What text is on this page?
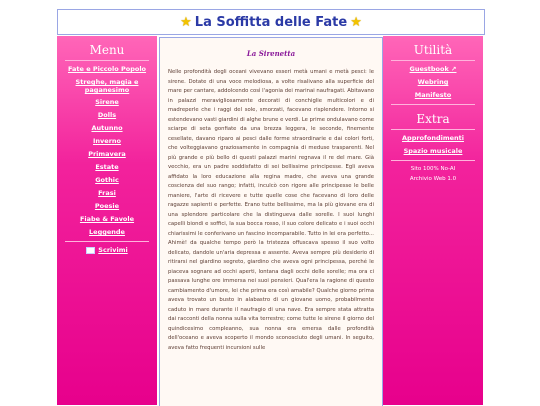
★ La Soffitta delle Fate ★
Menu
Fate e Piccolo Popolo
Streghe, magia e paganesimo
Sirene
Dolls
Autunno
Inverno
Primavera
Estate
Gothic
Frasi
Poesie
Fiabe & Favole
Leggende
Scrivimi
La Sirenetta
Nelle profondità degli oceani vivevano esseri metà umani e metà pesci: le sirene. Dotate di una voce melodiosa, a volte risalivano alla superficie del mare per cantare, addolcendo così l'agonia dei marinai naufragati. Abitavano in palazzi meravigliosamente decorati di conchiglie multicolori e di madreperle che i raggi del sole, smorzati, facevano risplendere. Intorno si estendevano vasti giardini di alghe brune e verdi. Le prime ondulavano come sciarpe di seta gonfiate da una brezza leggera, le seconde, finemente cesellate, davano riparo ai pesci dalle forme straordinarie e dai colori forti, che volteggiavano graziosamente in compagnia di meduse trasparenti. Nel più grande e più bello di questi palazzi marini regnava il re del mare. Già vecchio, era un padre soddisfatto di sei bellissime principesse. Egli aveva affidato la loro educazione alla regina madre, che aveva una grande coscienza del suo rango; infatti, inculcò con rigore alle principesse le belle maniere, l'arte di ricevere e tutte quelle cose che facevano di loro delle ragazze sapienti e perfette. Erano tutte bellissime, ma la più giovane era di una splendore particolare che la distingueva dalle sorelle. I suoi lunghi capelli biondi e soffici, la sua bocca rosso, il suo colore delicato e i suoi occhi chiarissimi le conferivano un fascino incomparabile. Tutto in lei era perfetto... Ahimè! da qualche tempo però la tristezza offuscava spesso il suo volto delicato, dandole un'aria depressa e assente. Aveva sempre più desiderio di ritirarsi nel giardino segreto, giardino che aveva ogni principessa, perché le piaceva sognare ad occhi aperti, lontana dagli occhi delle sorelle; ma ora ci passava lunghe ore immersa nei suoi pensieri. Qual'era la ragione di questo cambiamento d'umore, lei che prima era così amabile? Qualche giorno prima aveva trovato un busto in alabastro di un giovane uomo, probabilmente caduto in mare durante il naufragio di una nave. Era sempre stata attratta dai racconti della nonna sulla vita terrestre; come tutte le sirene il giorno del quindicesimo compleanno, sua nonna era emersa dalle profondità dell'oceano e aveva scoperto il mondo sconosciuto degli umani. In seguito, aveva fatto frequenti incursioni sulle
Utilità
Guestbook ↗
Webring
Manifesto
Extra
Approfondimenti
Spazio musicale
Sito 100% No-AI
Archivio Web 1.0
